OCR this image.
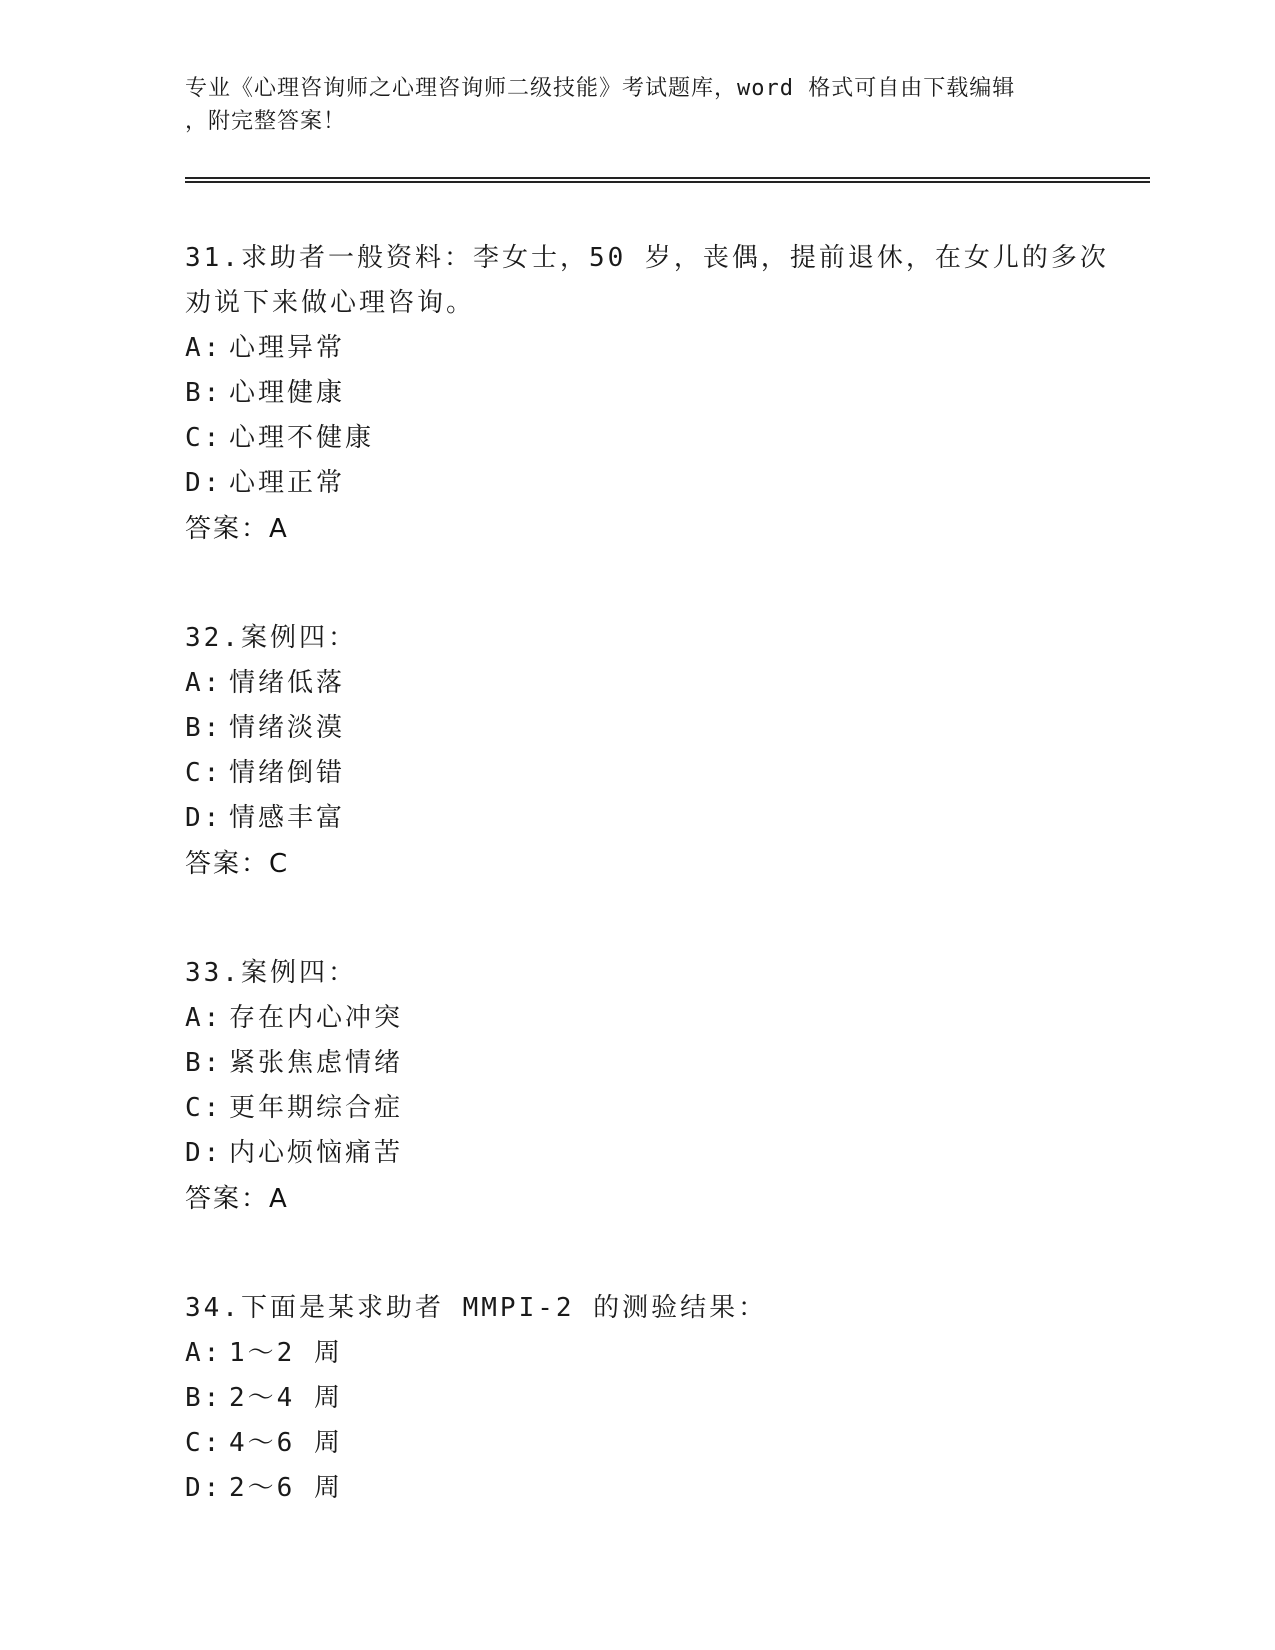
专业《心理咨询师之心理咨询师二级技能》考试题库，word 格式可自由下载编辑

，附完整答案！

31.求助者一般资料：李女士，50 岁，丧偶，提前退休，在女儿的多次

劝说下来做心理咨询。

A: 心理异常

B: 心理健康

C: 心理不健康

D: 心理正常

答案：A

32.案例四：

A: 情绪低落

B: 情绪淡漠

C: 情绪倒错

D: 情感丰富

答案：C

33.案例四：

A: 存在内心冲突

B: 紧张焦虑情绪

C: 更年期综合症

D: 内心烦恼痛苦

答案：A

34.下面是某求助者 MMPI-2 的测验结果：

A: 1～2 周

B: 2～4 周

C: 4～6 周

D: 2～6 周
